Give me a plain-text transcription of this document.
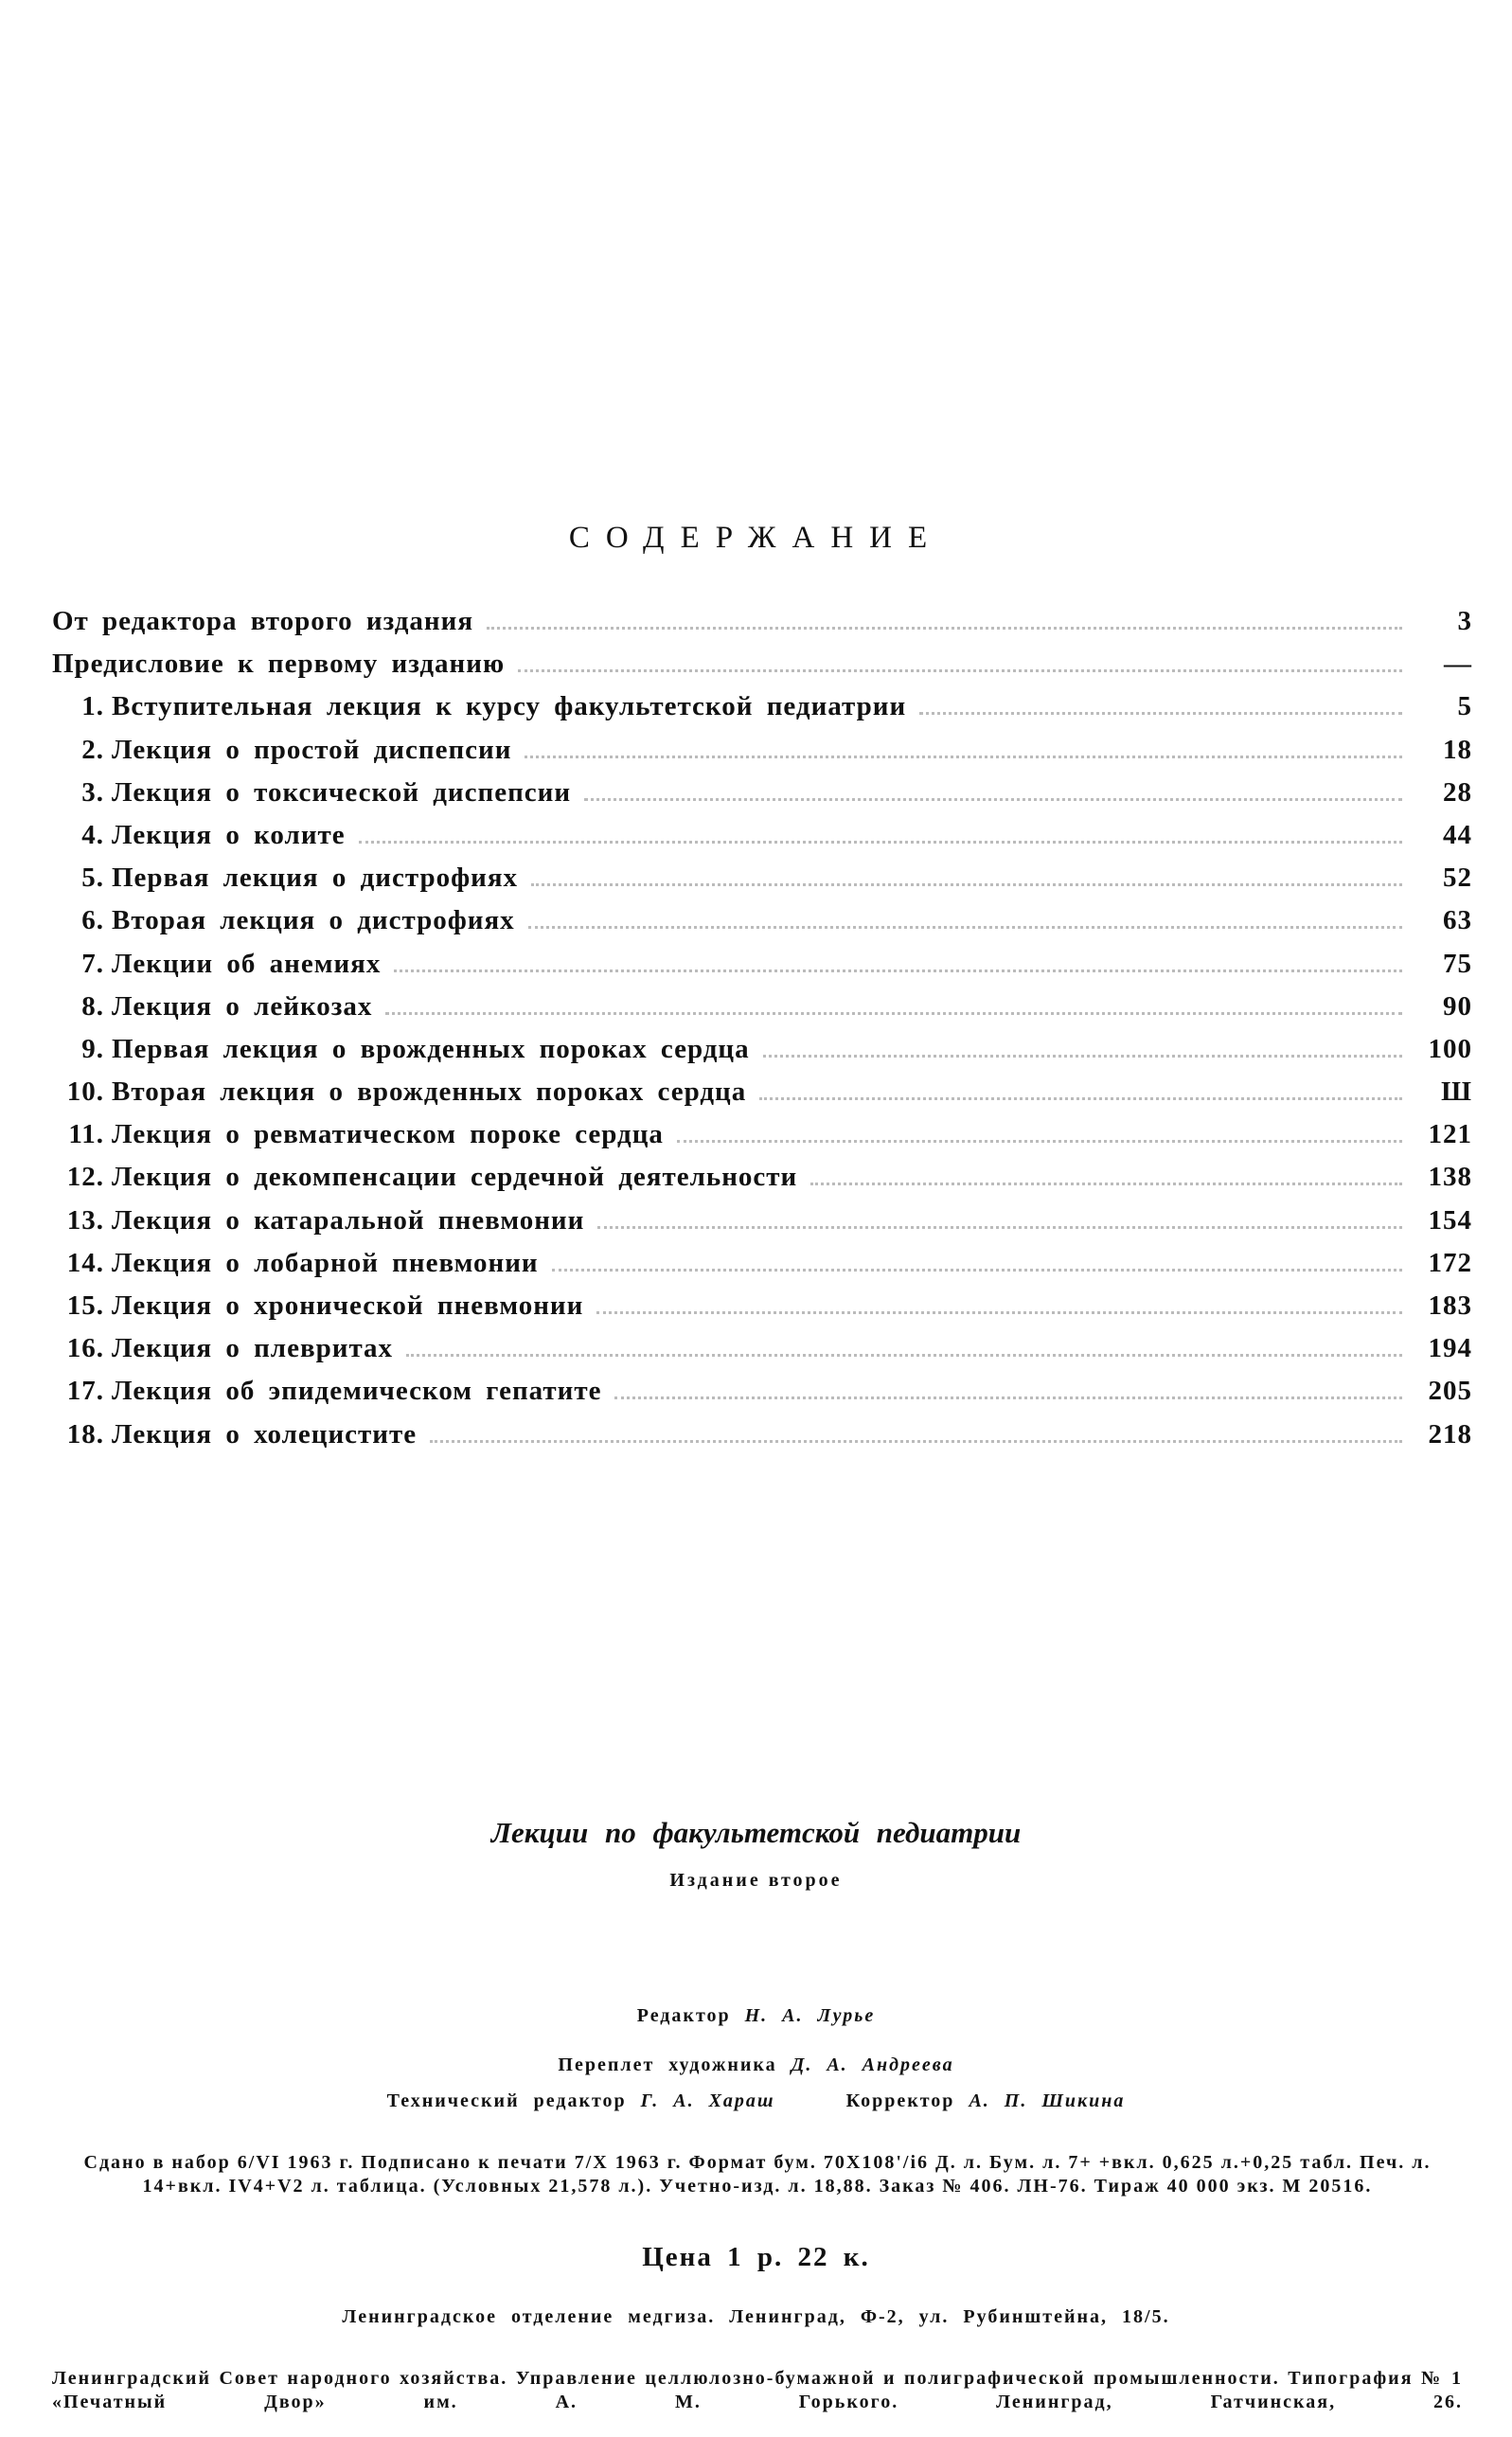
СОДЕРЖАНИЕ
От редактора второго издания	3
Предисловие к первому изданию	—
1. Вступительная лекция к курсу факультетской педиатрии	5
2. Лекция о простой диспепсии	18
3. Лекция о токсической диспепсии	28
4. Лекция о колите	44
5. Первая лекция о дистрофиях	52
6. Вторая лекция о дистрофиях	63
7. Лекции об анемиях	75
8. Лекция о лейкозах	90
9. Первая лекция о врожденных пороках сердца	100
10. Вторая лекция о врожденных пороках сердца	Ш
11. Лекция о ревматическом пороке сердца	121
12. Лекция о декомпенсации сердечной деятельности	138
13. Лекция о катаральной пневмонии	154
14. Лекция о лобарной пневмонии	172
15. Лекция о хронической пневмонии	183
16. Лекция о плевритах	194
17. Лекция об эпидемическом гепатите	205
18. Лекция о холецистите	218
Лекции по факультетской педиатрии
Издание второе
Редактор Н. А. Лурье
Переплет художника Д. А. Андреева
Технический редактор Г. А. Хараш	Корректор А. П. Шикина
Сдано в набор 6/VI 1963 г. Подписано к печати 7/X 1963 г. Формат бум. 70X108'/i6 Д. л. Бум. л. 7+ +вкл. 0,625 л.+0,25 табл. Печ. л. 14+вкл. IV4+V2 л. таблица. (Условных 21,578 л.). Учетно-изд. л. 18,88. Заказ № 406. ЛН-76. Тираж 40 000 экз. М 20516.
Цена 1 р. 22 к.
Ленинградское отделение медгиза. Ленинград, Ф-2, ул. Рубинштейна, 18/5.
Ленинградский Совет народного хозяйства. Управление целлюлозно-бумажной и полиграфической промышленности. Типография № 1 «Печатный Двор» им. А. М. Горького. Ленинград, Гатчинская, 26.
